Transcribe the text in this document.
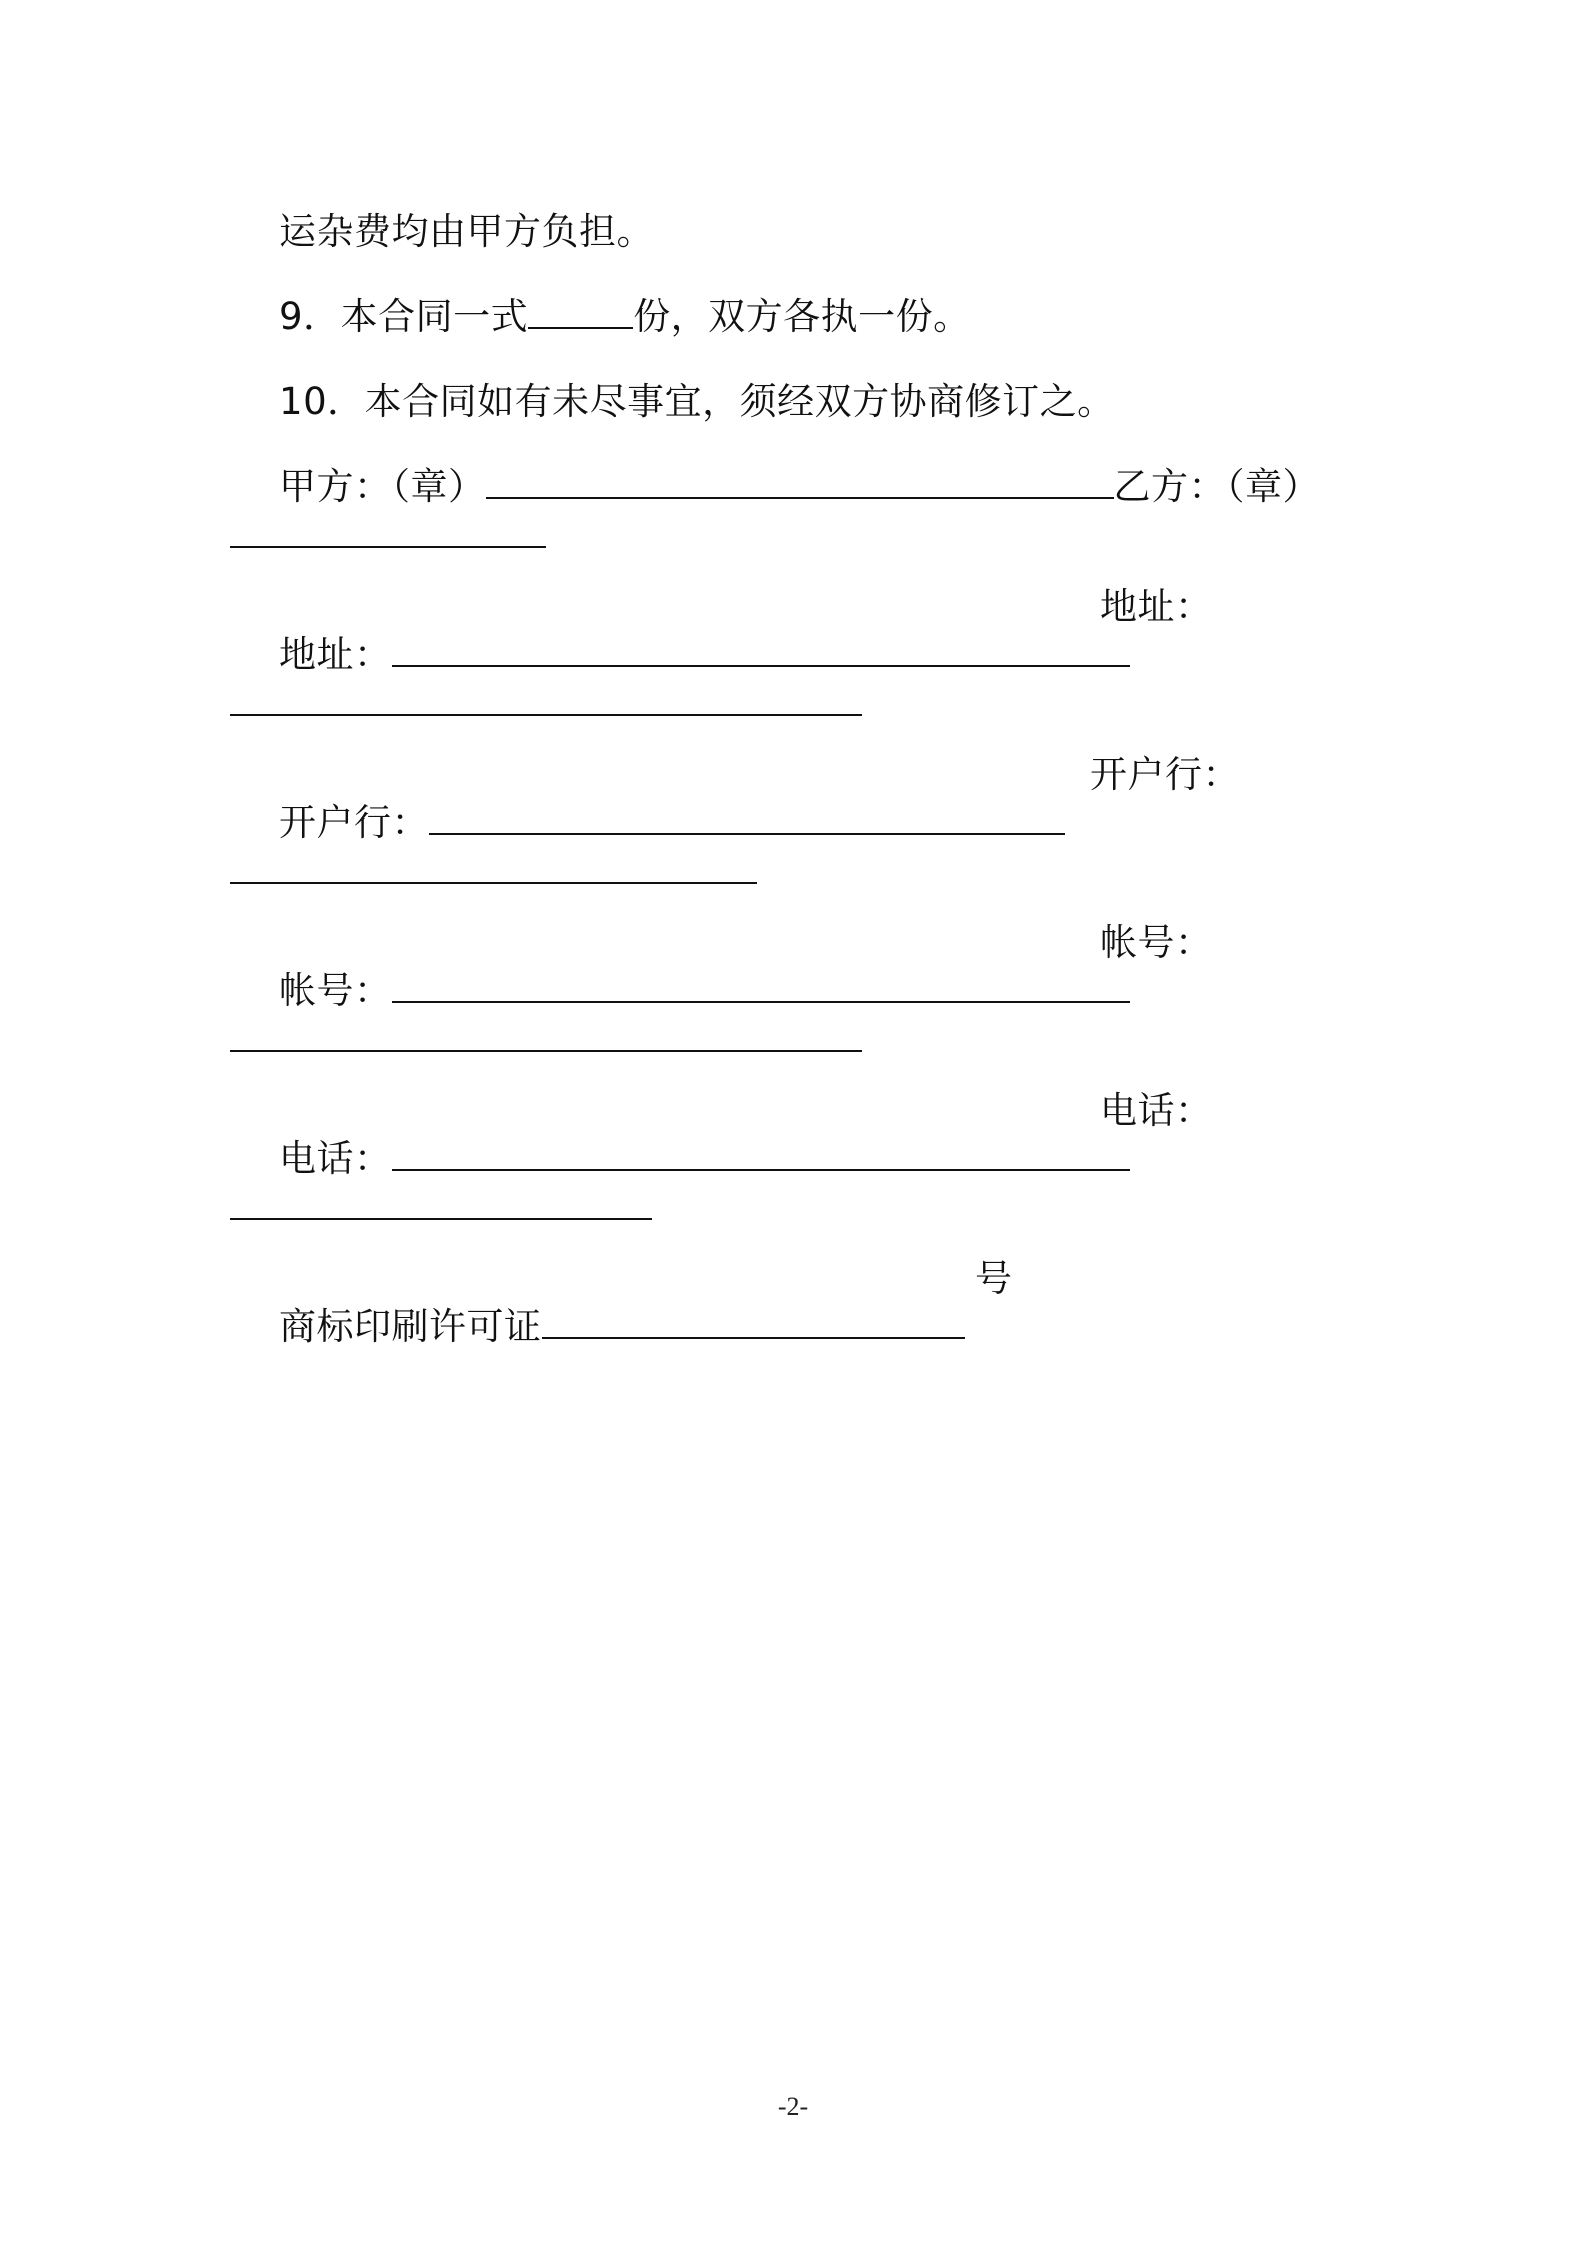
运杂费均由甲方负担。

9．本合同一式	份，双方各执一份。

10．本合同如有未尽事宜，须经双方协商修订之。

甲方：（章）	乙方：（章）

地址：

地址：

开户行：

开户行：

帐号：

帐号：

电话：

电话：

商标印刷许可证

号
-2-
